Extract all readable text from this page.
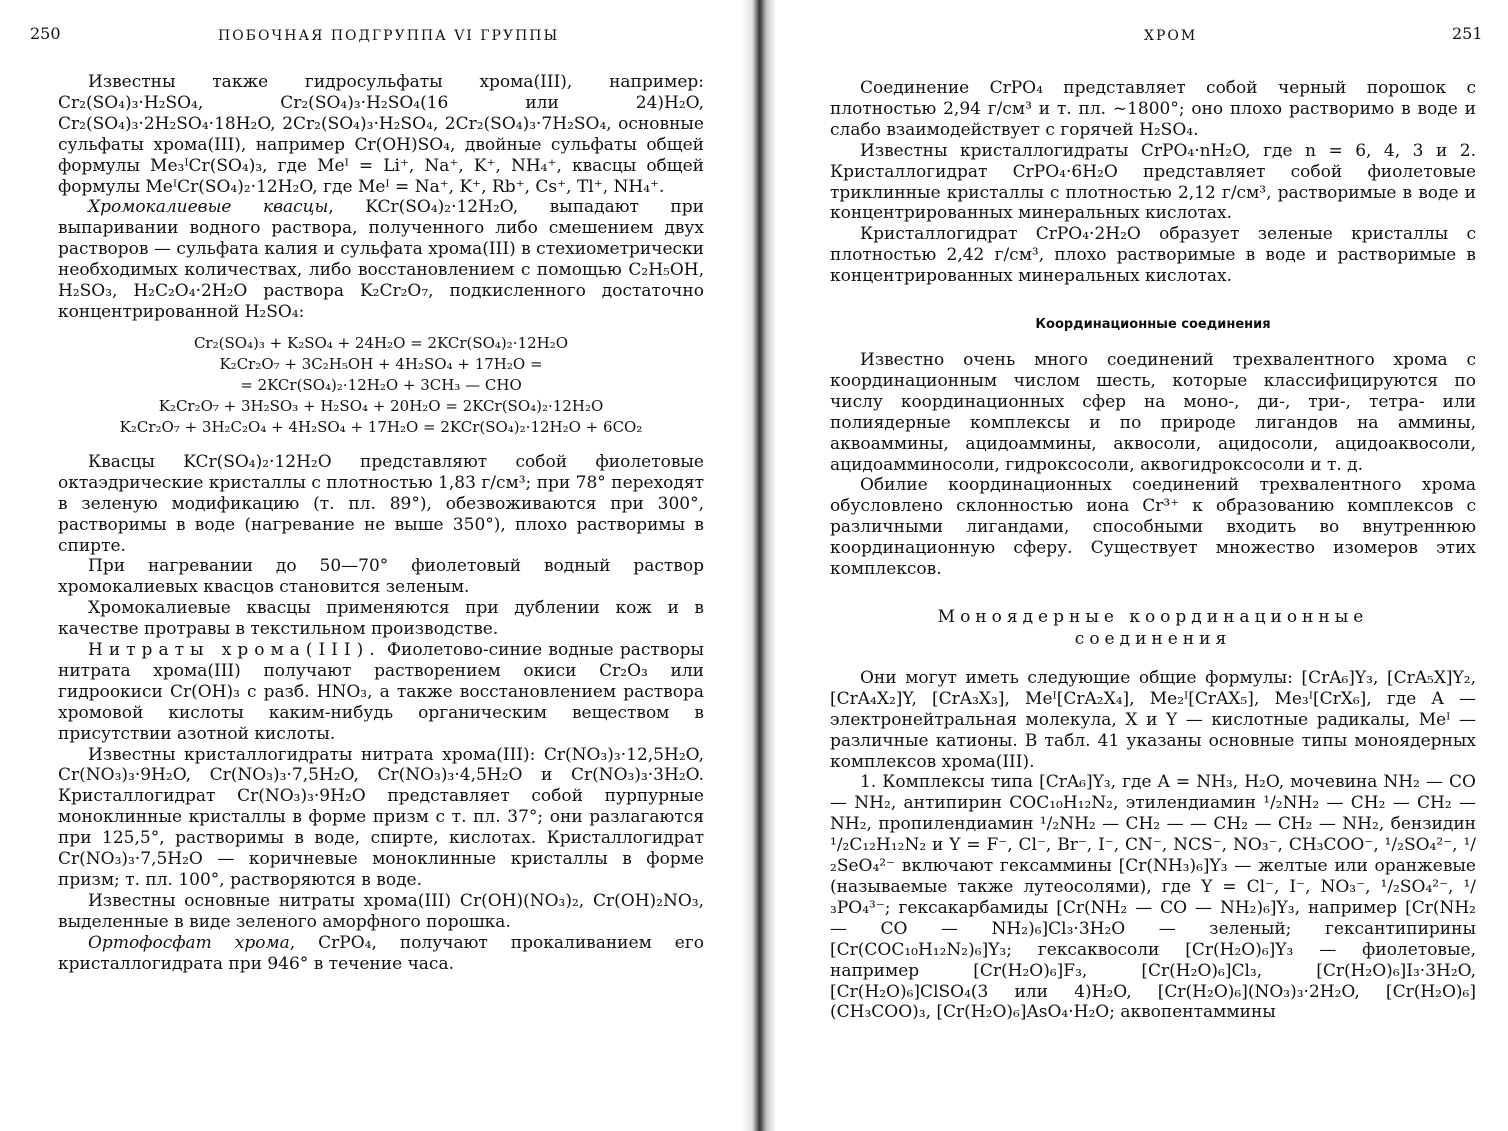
250	ПОБОЧНАЯ ПОДГРУППА VI ГРУППЫ

Известны также гидросульфаты хрома(III), например: Cr₂(SO₄)₃·H₂SO₄, Cr₂(SO₄)₃·H₂SO₄(16 или 24)H₂O, Cr₂(SO₄)₃·2H₂SO₄·18H₂O, 2Cr₂(SO₄)₃·H₂SO₄, 2Cr₂(SO₄)₃·7H₂SO₄, основные сульфаты хрома(III), например Cr(OH)SO₄, двойные сульфаты общей формулы Me₃ᴵCr(SO₄)₃, где Meᴵ = Li⁺, Na⁺, K⁺, NH₄⁺, квасцы общей формулы MeᴵCr(SO₄)₂·12H₂O, где Meᴵ = Na⁺, K⁺, Rb⁺, Cs⁺, Tl⁺, NH₄⁺.

Хромокалиевые квасцы, KCr(SO₄)₂·12H₂O, выпадают при выпаривании водного раствора, полученного либо смешением двух растворов — сульфата калия и сульфата хрома(III) в стехиометрически необходимых количествах, либо восстановлением с помощью C₂H₅OH, H₂SO₃, H₂C₂O₄·2H₂O раствора K₂Cr₂O₇, подкисленного достаточно концентрированной H₂SO₄:

Cr₂(SO₄)₃ + K₂SO₄ + 24H₂O = 2KCr(SO₄)₂·12H₂O
K₂Cr₂O₇ + 3C₂H₅OH + 4H₂SO₄ + 17H₂O =
= 2KCr(SO₄)₂·12H₂O + 3CH₃ — CHO
K₂Cr₂O₇ + 3H₂SO₃ + H₂SO₄ + 20H₂O = 2KCr(SO₄)₂·12H₂O
K₂Cr₂O₇ + 3H₂C₂O₄ + 4H₂SO₄ + 17H₂O = 2KCr(SO₄)₂·12H₂O + 6CO₂

Квасцы KCr(SO₄)₂·12H₂O представляют собой фиолетовые октаэдрические кристаллы с плотностью 1,83 г/см³; при 78° переходят в зеленую модификацию (т. пл. 89°), обезвоживаются при 300°, растворимы в воде (нагревание не выше 350°), плохо растворимы в спирте.

При нагревании до 50—70° фиолетовый водный раствор хромокалиевых квасцов становится зеленым.

Хромокалиевые квасцы применяются при дублении кож и в качестве протравы в текстильном производстве.

Нитраты хрома(III). Фиолетово-синие водные растворы нитрата хрома(III) получают растворением окиси Cr₂O₃ или гидроокиси Cr(OH)₃ с разб. HNO₃, а также восстановлением раствора хромовой кислоты каким-нибудь органическим веществом в присутствии азотной кислоты.

Известны кристаллогидраты нитрата хрома(III): Cr(NO₃)₃·12,5H₂O, Cr(NO₃)₃·9H₂O, Cr(NO₃)₃·7,5H₂O, Cr(NO₃)₃·4,5H₂O и Cr(NO₃)₃·3H₂O. Кристаллогидрат Cr(NO₃)₃·9H₂O представляет собой пурпурные моноклинные кристаллы в форме призм с т. пл. 37°; они разлагаются при 125,5°, растворимы в воде, спирте, кислотах. Кристаллогидрат Cr(NO₃)₃·7,5H₂O — коричневые моноклинные кристаллы в форме призм; т. пл. 100°, растворяются в воде.

Известны основные нитраты хрома(III) Cr(OH)(NO₃)₂, Cr(OH)₂NO₃, выделенные в виде зеленого аморфного порошка.

Ортофосфат хрома, CrPO₄, получают прокаливанием его кристаллогидрата при 946° в течение часа.

ХРОМ	251

Соединение CrPO₄ представляет собой черный порошок с плотностью 2,94 г/см³ и т. пл. ~1800°; оно плохо растворимо в воде и слабо взаимодействует с горячей H₂SO₄.

Известны кристаллогидраты CrPO₄·nH₂O, где n = 6, 4, 3 и 2. Кристаллогидрат CrPO₄·6H₂O представляет собой фиолетовые триклинные кристаллы с плотностью 2,12 г/см³, растворимые в воде и концентрированных минеральных кислотах.

Кристаллогидрат CrPO₄·2H₂O образует зеленые кристаллы с плотностью 2,42 г/см³, плохо растворимые в воде и растворимые в концентрированных минеральных кислотах.

Координационные соединения

Известно очень много соединений трехвалентного хрома с координационным числом шесть, которые классифицируются по числу координационных сфер на моно-, ди-, три-, тетра- или полиядерные комплексы и по природе лигандов на аммины, аквоаммины, ацидоаммины, аквосоли, ацидосоли, ацидоаквосоли, ацидоамминосоли, гидроксосоли, аквогидроксосоли и т. д.

Обилие координационных соединений трехвалентного хрома обусловлено склонностью иона Cr³⁺ к образованию комплексов с различными лигандами, способными входить во внутреннюю координационную сферу. Существует множество изомеров этих комплексов.

Моноядерные координационные
соединения

Они могут иметь следующие общие формулы: [CrA₆]Y₃, [CrA₅X]Y₂, [CrA₄X₂]Y, [CrA₃X₃], Meᴵ[CrA₂X₄], Me₂ᴵ[CrAX₅], Me₃ᴵ[CrX₆], где A — электронейтральная молекула, X и Y — кислотные радикалы, Meᴵ — различные катионы. В табл. 41 указаны основные типы моноядерных комплексов хрома(III).

1. Комплексы типа [CrA₆]Y₃, где A = NH₃, H₂O, мочевина NH₂ — CO — NH₂, антипирин COC₁₀H₁₂N₂, этилендиамин ¹/₂NH₂ — CH₂ — CH₂ — NH₂, пропилендиамин ¹/₂NH₂ — CH₂ — — CH₂ — CH₂ — NH₂, бензидин ¹/₂C₁₂H₁₂N₂ и Y = F⁻, Cl⁻, Br⁻, I⁻, CN⁻, NCS⁻, NO₃⁻, CH₃COO⁻, ¹/₂SO₄²⁻, ¹/₂SeO₄²⁻ включают гексаммины [Cr(NH₃)₆]Y₃ — желтые или оранжевые (называемые также лутеосолями), где Y = Cl⁻, I⁻, NO₃⁻, ¹/₂SO₄²⁻, ¹/₃PO₄³⁻; гексакарбамиды [Cr(NH₂ — CO — NH₂)₆]Y₃, например [Cr(NH₂ — CO — NH₂)₆]Cl₃·3H₂O — зеленый; гексантипирины [Cr(COC₁₀H₁₂N₂)₆]Y₃; гексаквосоли [Cr(H₂O)₆]Y₃ — фиолетовые, например [Cr(H₂O)₆]F₃, [Cr(H₂O)₆]Cl₃, [Cr(H₂O)₆]I₃·3H₂O, [Cr(H₂O)₆]ClSO₄(3 или 4)H₂O, [Cr(H₂O)₆](NO₃)₃·2H₂O, [Cr(H₂O)₆](CH₃COO)₃, [Cr(H₂O)₆]AsO₄·H₂O; аквопентаммины
